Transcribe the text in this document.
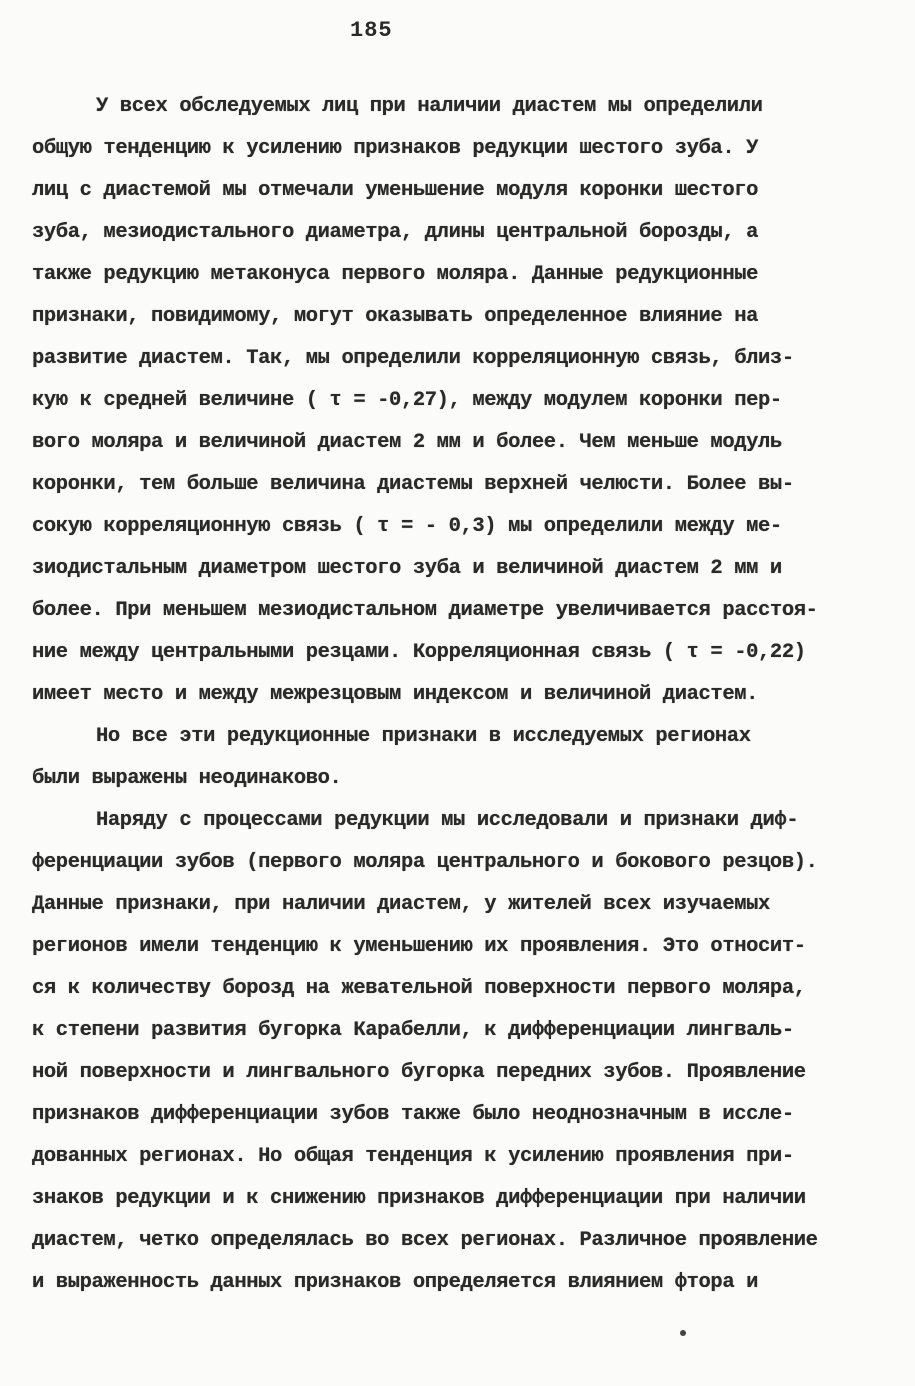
185
У всех обследуемых лиц при наличии диастем мы определили
общую тенденцию к усилению признаков редукции шестого зуба. У
лиц с диастемой мы отмечали уменьшение модуля коронки шестого
зуба, мезиодистального диаметра, длины центральной борозды, а
также редукцию метаконуса первого моляра. Данные редукционные
признаки, повидимому, могут оказывать определенное влияние на
развитие диастем. Так, мы определили корреляционную связь, близ-
кую к средней величине ( τ = -0,27), между модулем коронки пер-
вого моляра и величиной диастем 2 мм и более. Чем меньше модуль
коронки, тем больше величина диастемы верхней челюсти. Более вы-
сокую корреляционную связь ( τ = - 0,3) мы определили между ме-
зиодистальным диаметром шестого зуба и величиной диастем 2 мм и
более. При меньшем мезиодистальном диаметре увеличивается расстоя-
ние между центральными резцами. Корреляционная связь ( τ = -0,22)
имеет место и между межрезцовым индексом и величиной диастем.
Но все эти редукционные признаки в исследуемых регионах
были выражены неодинаково.
Наряду с процессами редукции мы исследовали и признаки диф-
ференциации зубов (первого моляра центрального и бокового резцов).
Данные признаки, при наличии диастем, у жителей всех изучаемых
регионов имели тенденцию к уменьшению их проявления. Это относит-
ся к количеству борозд на жевательной поверхности первого моляра,
к степени развития бугорка Карабелли, к дифференциации лингваль-
ной поверхности и лингвального бугорка передних зубов. Проявление
признаков дифференциации зубов также было неоднозначным в иссле-
дованных регионах. Но общая тенденция к усилению проявления при-
знаков редукции и к снижению признаков дифференциации при наличии
диастем, четко определялась во всех регионах. Различное проявление
и выраженность данных признаков определяется влиянием фтора и
